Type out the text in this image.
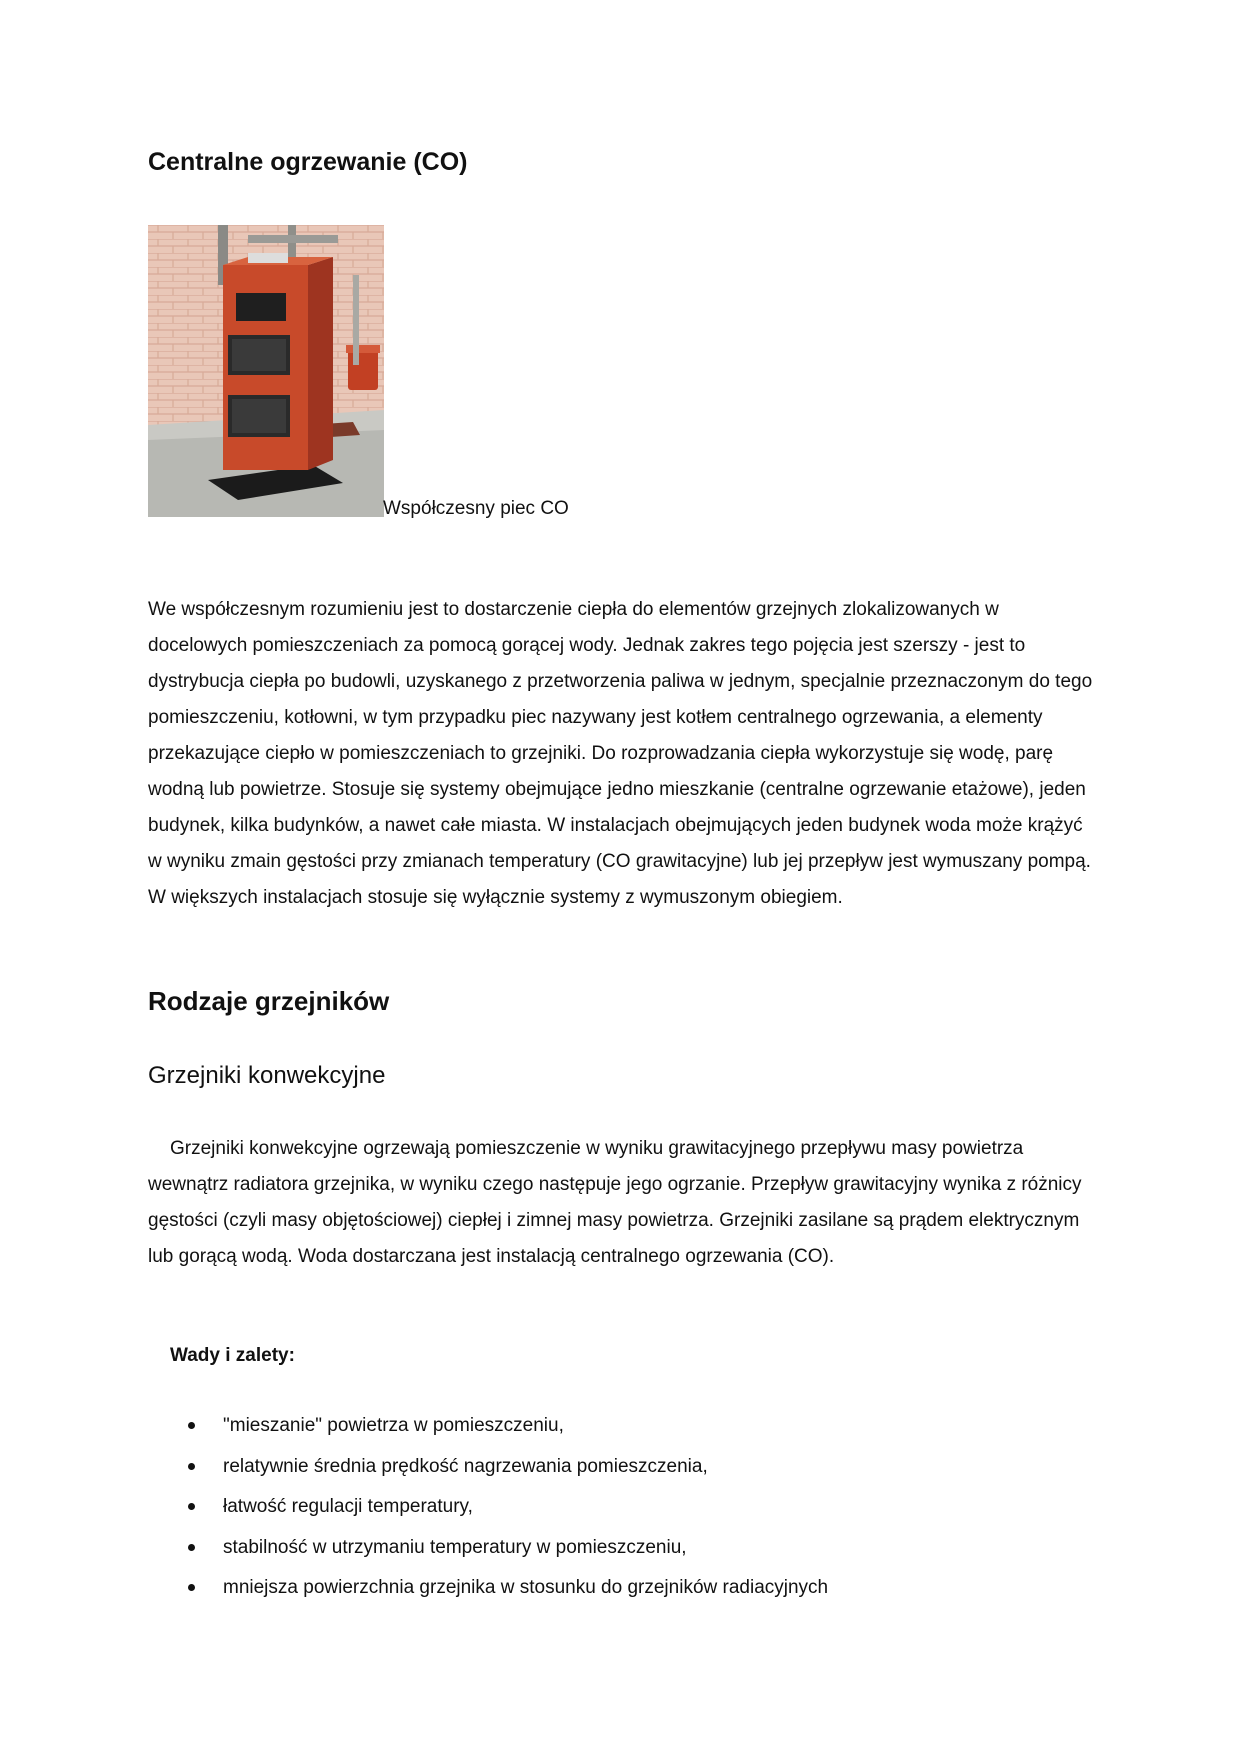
Centralne ogrzewanie (CO)

Współczesny piec CO

We współczesnym rozumieniu jest to dostarczenie ciepła do elementów grzejnych zlokalizowanych w docelowych pomieszczeniach za pomocą gorącej wody. Jednak zakres tego pojęcia jest szerszy - jest to dystrybucja ciepła po budowli, uzyskanego z przetworzenia paliwa w jednym, specjalnie przeznaczonym do tego pomieszczeniu, kotłowni, w tym przypadku piec nazywany jest kotłem centralnego ogrzewania, a elementy przekazujące ciepło w pomieszczeniach to grzejniki. Do rozprowadzania ciepła wykorzystuje się wodę, parę wodną lub powietrze. Stosuje się systemy obejmujące jedno mieszkanie (centralne ogrzewanie etażowe), jeden budynek, kilka budynków, a nawet całe miasta. W instalacjach obejmujących jeden budynek woda może krążyć w wyniku zmain gęstości przy zmianach temperatury (CO grawitacyjne) lub jej przepływ jest wymuszany pompą. W większych instalacjach stosuje się wyłącznie systemy z wymuszonym obiegiem.

Rodzaje grzejników
Grzejniki konwekcyjne

Grzejniki konwekcyjne ogrzewają pomieszczenie w wyniku grawitacyjnego przepływu masy powietrza wewnątrz radiatora grzejnika, w wyniku czego następuje jego ogrzanie. Przepływ grawitacyjny wynika z różnicy gęstości (czyli masy objętościowej) ciepłej i zimnej masy powietrza. Grzejniki zasilane są prądem elektrycznym lub gorącą wodą. Woda dostarczana jest instalacją centralnego ogrzewania (CO).

Wady i zalety:

"mieszanie" powietrza w pomieszczeniu,
relatywnie średnia prędkość nagrzewania pomieszczenia,
łatwość regulacji temperatury,
stabilność w utrzymaniu temperatury w pomieszczeniu,
mniejsza powierzchnia grzejnika w stosunku do grzejników radiacyjnych
